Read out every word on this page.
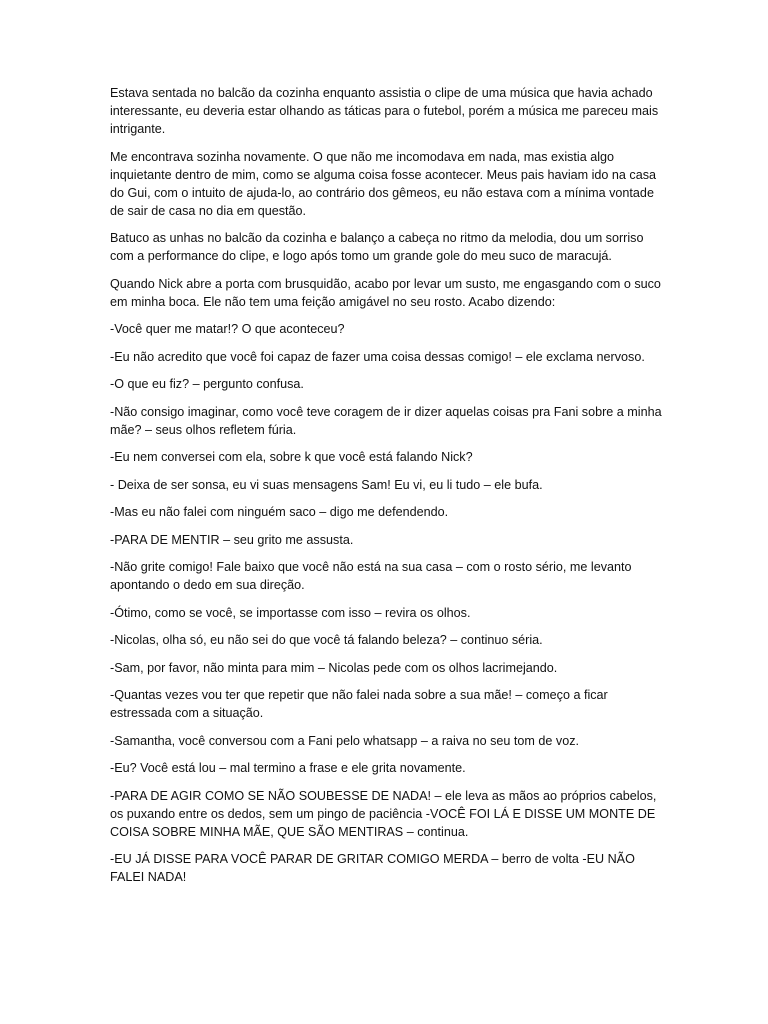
Estava sentada no balcão da cozinha enquanto assistia o clipe de uma música que havia achado interessante, eu deveria estar olhando as táticas para o futebol, porém a música me pareceu mais intrigante.

Me encontrava sozinha novamente. O que não me incomodava em nada, mas existia algo inquietante dentro de mim, como se alguma coisa fosse acontecer. Meus pais haviam ido na casa do Gui, com o intuito de ajuda-lo, ao contrário dos gêmeos, eu não estava com a mínima vontade de sair de casa no dia em questão.

Batuco as unhas no balcão da cozinha e balanço a cabeça no ritmo da melodia, dou um sorriso com a performance do clipe, e logo após tomo um grande gole do meu suco de maracujá.

Quando Nick abre a porta com brusquidão, acabo por levar um susto, me engasgando com o suco em minha boca. Ele não tem uma feição amigável no seu rosto. Acabo dizendo:

-Você quer me matar!? O que aconteceu?

-Eu não acredito que você foi capaz de fazer uma coisa dessas comigo! – ele exclama nervoso.

-O que eu fiz? – pergunto confusa.

-Não consigo imaginar, como você teve coragem de ir dizer aquelas coisas pra Fani sobre a minha mãe? – seus olhos refletem fúria.

-Eu nem conversei com ela, sobre k que você está falando Nick?

- Deixa de ser sonsa, eu vi suas mensagens Sam! Eu vi, eu li tudo – ele bufa.

-Mas eu não falei com ninguém saco – digo me defendendo.

-PARA DE MENTIR – seu grito me assusta.

-Não grite comigo! Fale baixo que você não está na sua casa – com o rosto sério, me levanto apontando o dedo em sua direção.

-Ótimo, como se você, se importasse com isso – revira os olhos.

-Nicolas, olha só, eu não sei do que você tá falando beleza? – continuo séria.

-Sam, por favor, não minta para mim – Nicolas pede com os olhos lacrimejando.

-Quantas vezes vou ter que repetir que não falei nada sobre a sua mãe! – começo a ficar estressada com a situação.

-Samantha, você conversou com a Fani pelo whatsapp – a raiva no seu tom de voz.

-Eu? Você está lou – mal termino a frase e ele grita novamente.

-PARA DE AGIR COMO SE NÃO SOUBESSE DE NADA! – ele leva as mãos ao próprios cabelos, os puxando entre os dedos, sem um pingo de paciência -VOCÊ FOI LÁ E DISSE UM MONTE DE COISA SOBRE MINHA MÃE, QUE SÃO MENTIRAS – continua.

-EU JÁ DISSE PARA VOCÊ PARAR DE GRITAR COMIGO MERDA – berro de volta -EU NÃO FALEI NADA!
